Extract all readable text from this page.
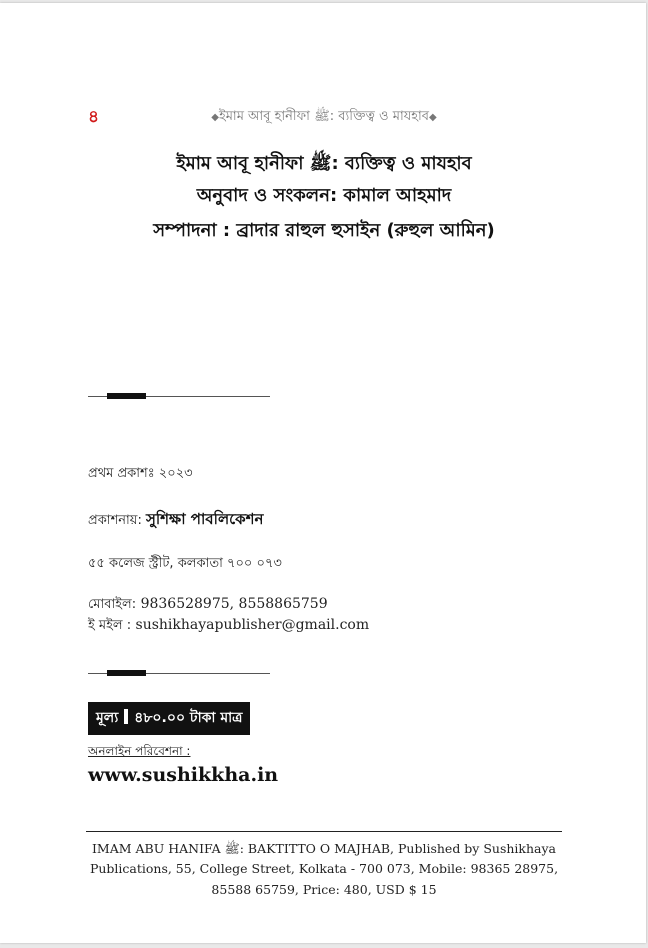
৪	◆ইমাম আবূ হানীফা ﷺ: ব্যক্তিত্ব ও মাযহাব◆
ইমাম আবূ হানীফা ﷺ: ব্যক্তিত্ব ও মাযহাব
অনুবাদ ও সংকলন: কামাল আহমাদ
সম্পাদনা : ব্রাদার রাহুল হুসাইন (রুহুল আমিন)
প্রথম প্রকাশঃ ২০২৩
প্রকাশনায়: সুশিক্ষা পাবলিকেশন
৫৫ কলেজ স্ট্রীট, কলকাতা ৭০০ ০৭৩
মোবাইল: 9836528975, 8558865759
ই মইল : sushikhayapublisher@gmail.com
মূল্য ৪৮০.০০ টাকা মাত্র
অনলাইন পরিবেশনা :
www.sushikkha.in
IMAM ABU HANIFA ﷺ: BAKTITTO O MAJHAB, Published by Sushikhaya
Publications, 55, College Street, Kolkata - 700 073, Mobile: 98365 28975,
85588 65759, Price: 480, USD $ 15
